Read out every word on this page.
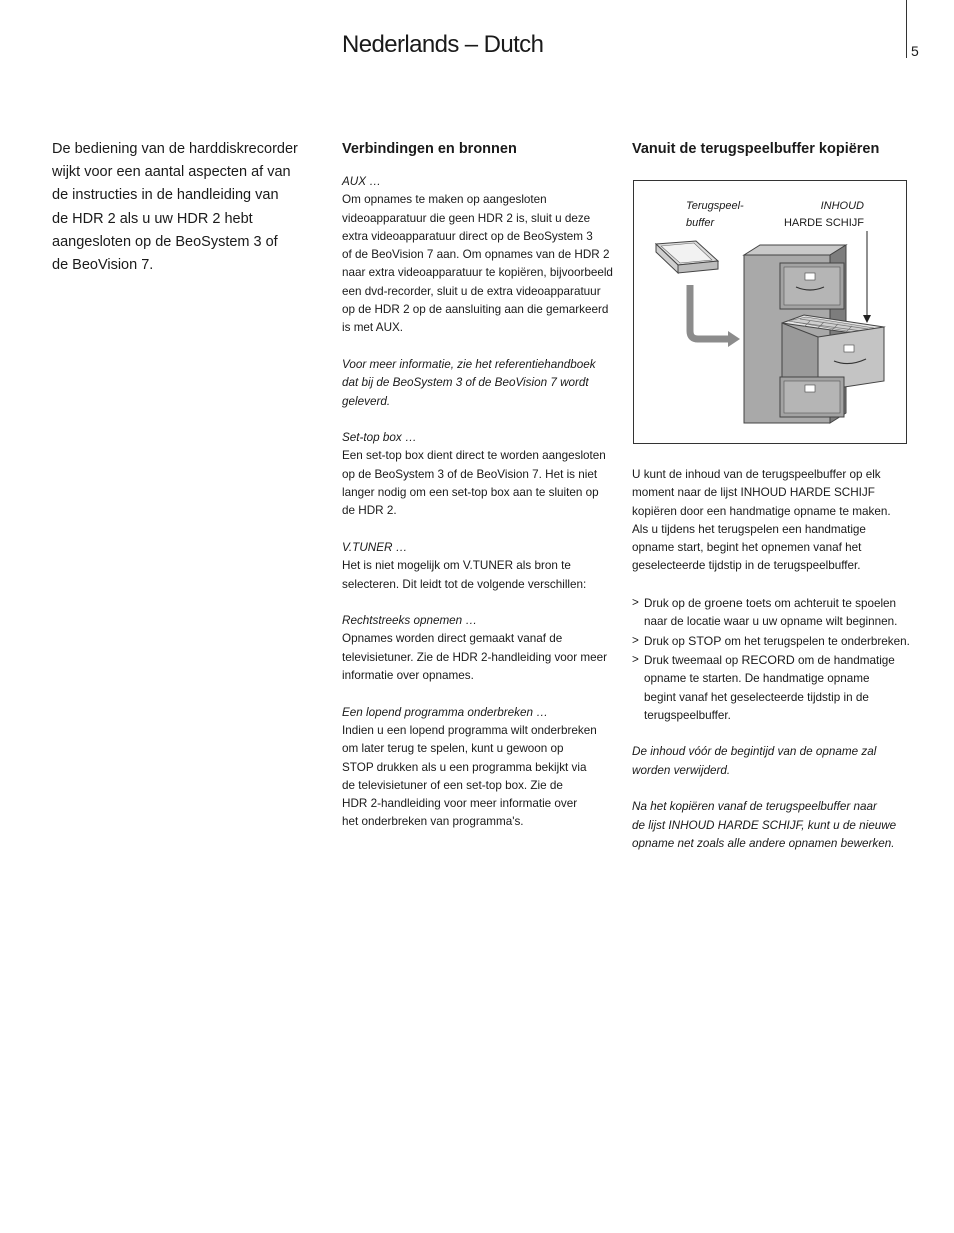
Nederlands – Dutch	5
De bediening van de harddiskrecorder
wijkt voor een aantal aspecten af van
de instructies in de handleiding van
de HDR 2 als u uw HDR 2 hebt
aangesloten op de BeoSystem 3 of
de BeoVision 7.
Verbindingen en bronnen
AUX …
Om opnames te maken op aangesloten
videoapparatuur die geen HDR 2 is, sluit u deze
extra videoapparatuur direct op de BeoSystem 3
of de BeoVision 7 aan. Om opnames van de HDR 2
naar extra videoapparatuur te kopiëren, bijvoorbeeld
een dvd-recorder, sluit u de extra videoapparatuur
op de HDR 2 op de aansluiting aan die gemarkeerd
is met AUX.
Voor meer informatie, zie het referentiehandboek
dat bij de BeoSystem 3 of de BeoVision 7 wordt
geleverd.
Set-top box …
Een set-top box dient direct te worden aangesloten
op de BeoSystem 3 of de BeoVision 7. Het is niet
langer nodig om een set-top box aan te sluiten op
de HDR 2.
V.TUNER …
Het is niet mogelijk om V.TUNER als bron te
selecteren. Dit leidt tot de volgende verschillen:
Rechtstreeks opnemen …
Opnames worden direct gemaakt vanaf de
televisietuner. Zie de HDR 2-handleiding voor meer
informatie over opnames.
Een lopend programma onderbreken …
Indien u een lopend programma wilt onderbreken
om later terug te spelen, kunt u gewoon op
STOP drukken als u een programma bekijkt via
de televisietuner of een set-top box. Zie de
HDR 2-handleiding voor meer informatie over
het onderbreken van programma's.
Vanuit de terugspeelbuffer kopiëren
Terugspeel-
buffer
INHOUD
HARDE SCHIJF
U kunt de inhoud van de terugspeelbuffer op elk
moment naar de lijst INHOUD HARDE SCHIJF
kopiëren door een handmatige opname te maken.
Als u tijdens het terugspelen een handmatige
opname start, begint het opnemen vanaf het
geselecteerde tijdstip in de terugspeelbuffer.
> Druk op de groene toets om achteruit te spoelen
naar de locatie waar u uw opname wilt beginnen.
> Druk op STOP om het terugspelen te onderbreken.
> Druk tweemaal op RECORD om de handmatige
opname te starten. De handmatige opname
begint vanaf het geselecteerde tijdstip in de
terugspeelbuffer.
De inhoud vóór de begintijd van de opname zal
worden verwijderd.
Na het kopiëren vanaf de terugspeelbuffer naar
de lijst INHOUD HARDE SCHIJF, kunt u de nieuwe
opname net zoals alle andere opnamen bewerken.
